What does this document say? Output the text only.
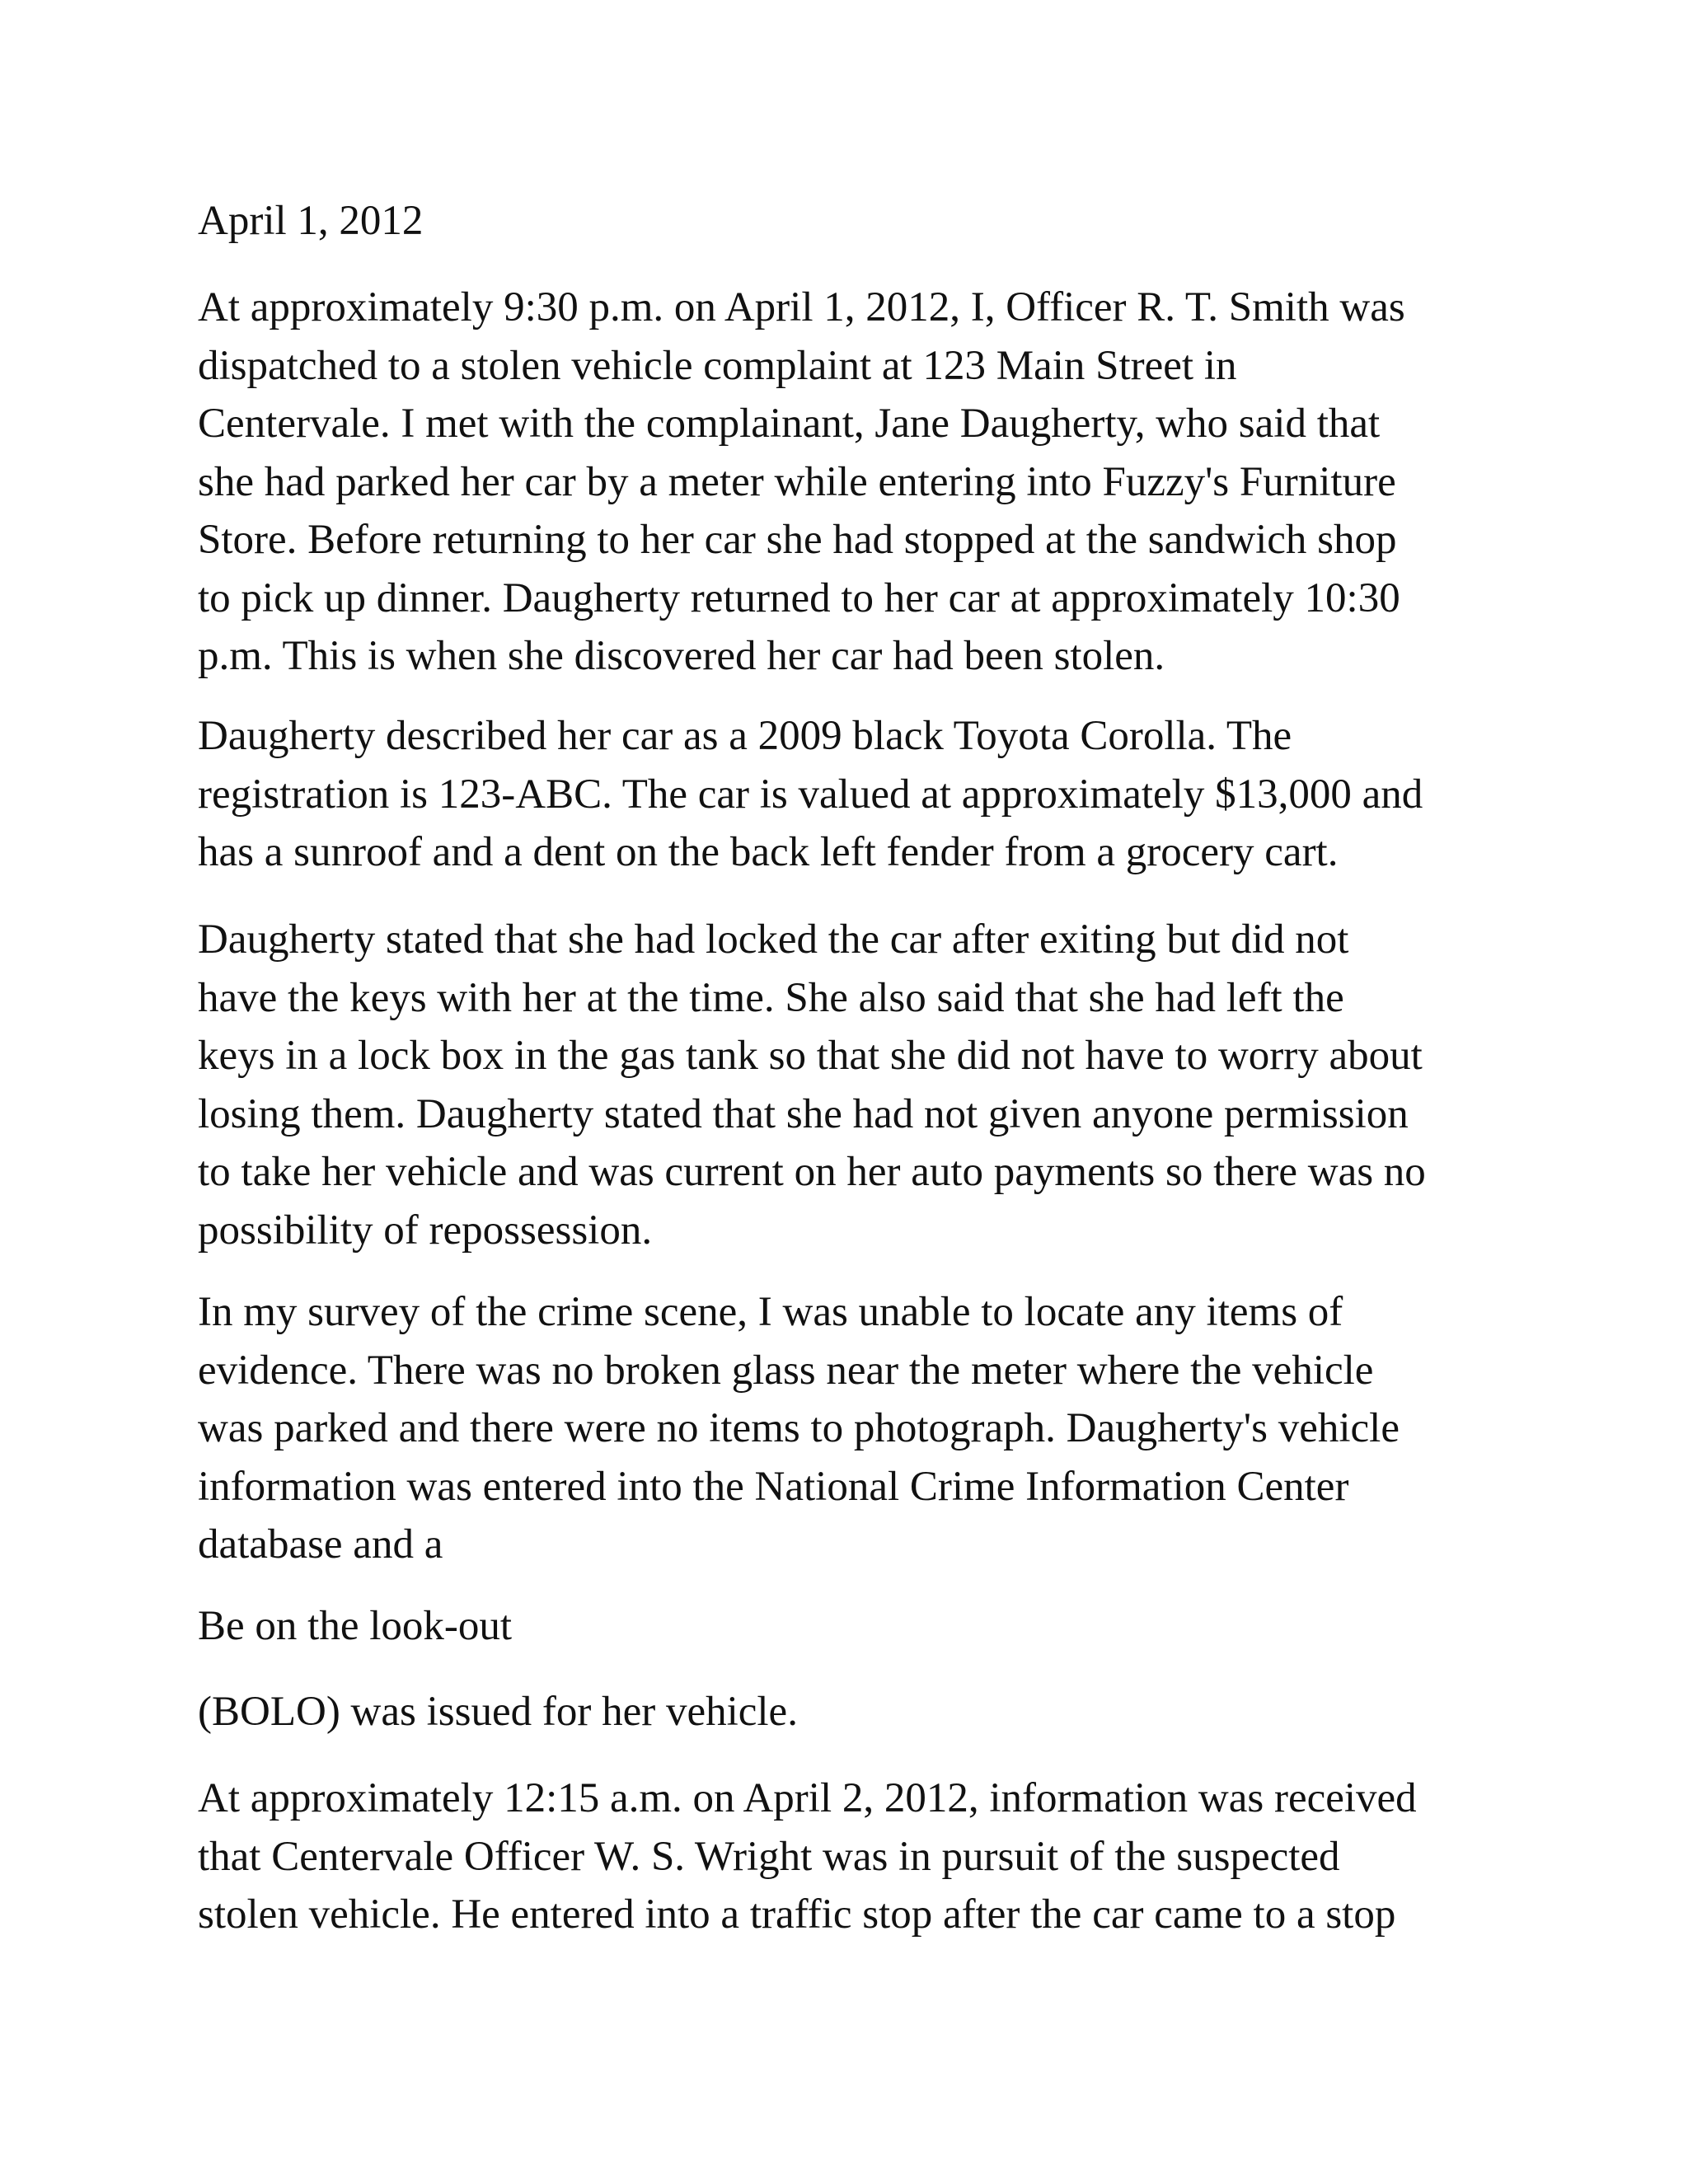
April 1, 2012

At approximately 9:30 p.m. on April 1, 2012, I, Officer R. T. Smith was
dispatched to a stolen vehicle complaint at 123 Main Street in
Centervale. I met with the complainant, Jane Daugherty, who said that
she had parked her car by a meter while entering into Fuzzy's Furniture
Store. Before returning to her car she had stopped at the sandwich shop
to pick up dinner. Daugherty returned to her car at approximately 10:30
p.m. This is when she discovered her car had been stolen.

Daugherty described her car as a 2009 black Toyota Corolla. The
registration is 123-ABC. The car is valued at approximately $13,000 and
has a sunroof and a dent on the back left fender from a grocery cart.

Daugherty stated that she had locked the car after exiting but did not
have the keys with her at the time. She also said that she had left the
keys in a lock box in the gas tank so that she did not have to worry about
losing them. Daugherty stated that she had not given anyone permission
to take her vehicle and was current on her auto payments so there was no
possibility of repossession.

In my survey of the crime scene, I was unable to locate any items of
evidence. There was no broken glass near the meter where the vehicle
was parked and there were no items to photograph. Daugherty's vehicle
information was entered into the National Crime Information Center
database and a

Be on the look-out

(BOLO) was issued for her vehicle.

At approximately 12:15 a.m. on April 2, 2012, information was received
that Centervale Officer W. S. Wright was in pursuit of the suspected
stolen vehicle. He entered into a traffic stop after the car came to a stop
